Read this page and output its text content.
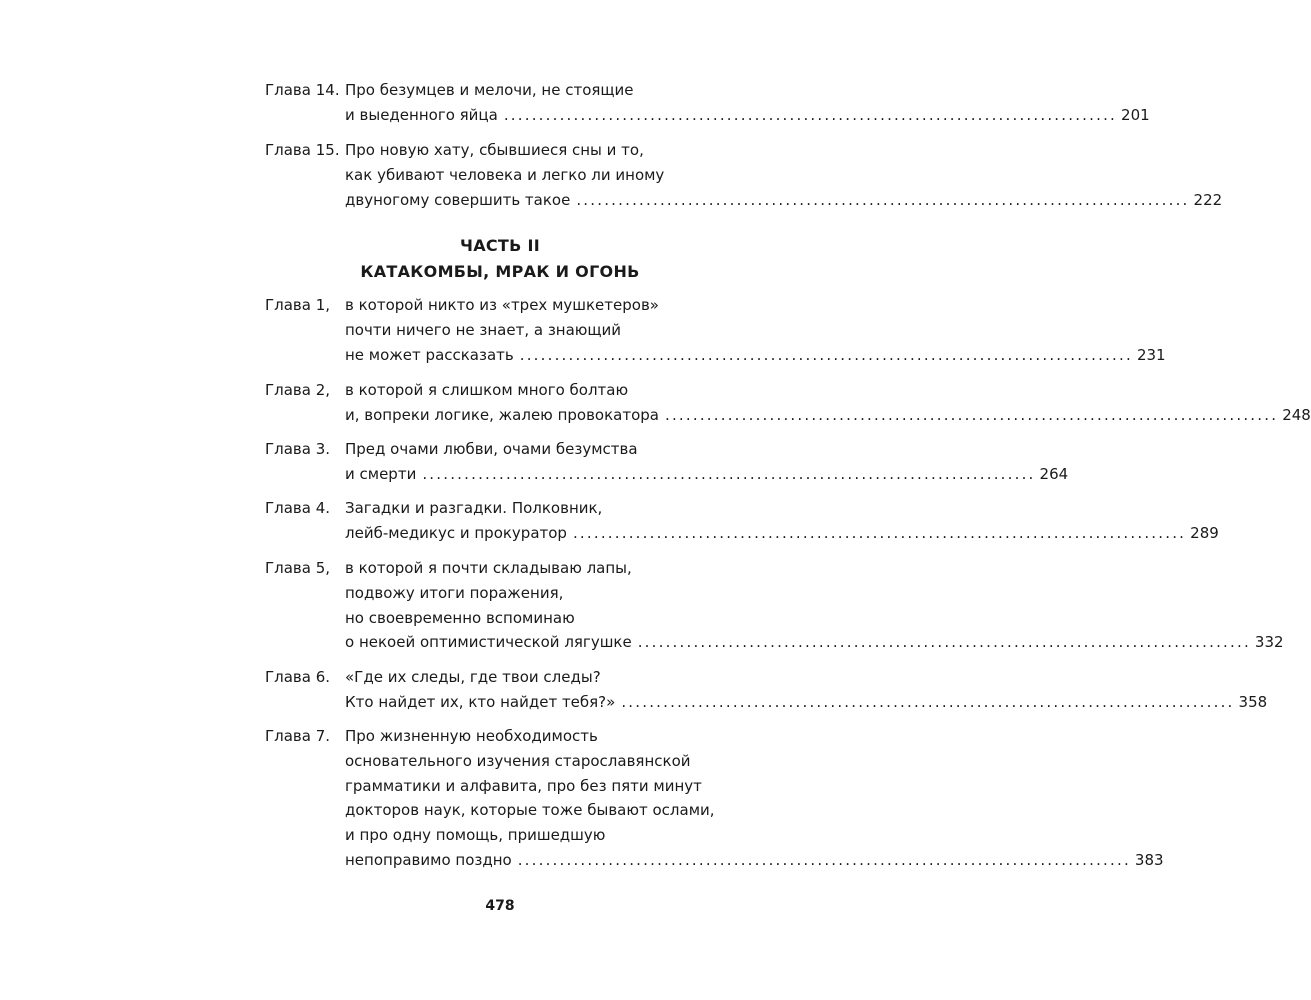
Глава 14. Про безумцев и мелочи, не стоящие
и выеденного яйца ........................................................................................ 201
Глава 15. Про новую хату, сбывшиеся сны и то,
как убивают человека и легко ли иному
двуногому совершить такое ........................................................................................ 222
ЧАСТЬ II
КАТАКОМБЫ, МРАК И ОГОНЬ
Глава 1, в которой никто из «трех мушкетеров»
почти ничего не знает, а знающий
не может рассказать ........................................................................................ 231
Глава 2, в которой я слишком много болтаю
и, вопреки логике, жалею провокатора ........................................................................................ 248
Глава 3. Пред очами любви, очами безумства
и смерти ........................................................................................ 264
Глава 4. Загадки и разгадки. Полковник,
лейб-медикус и прокуратор ........................................................................................ 289
Глава 5, в которой я почти складываю лапы,
подвожу итоги поражения,
но своевременно вспоминаю
о некоей оптимистической лягушке ........................................................................................ 332
Глава 6. «Где их следы, где твои следы?
Кто найдет их, кто найдет тебя?» ........................................................................................ 358
Глава 7. Про жизненную необходимость
основательного изучения старославянской
грамматики и алфавита, про без пяти минут
докторов наук, которые тоже бывают ослами,
и про одну помощь, пришедшую
непоправимо поздно ........................................................................................ 383
478
